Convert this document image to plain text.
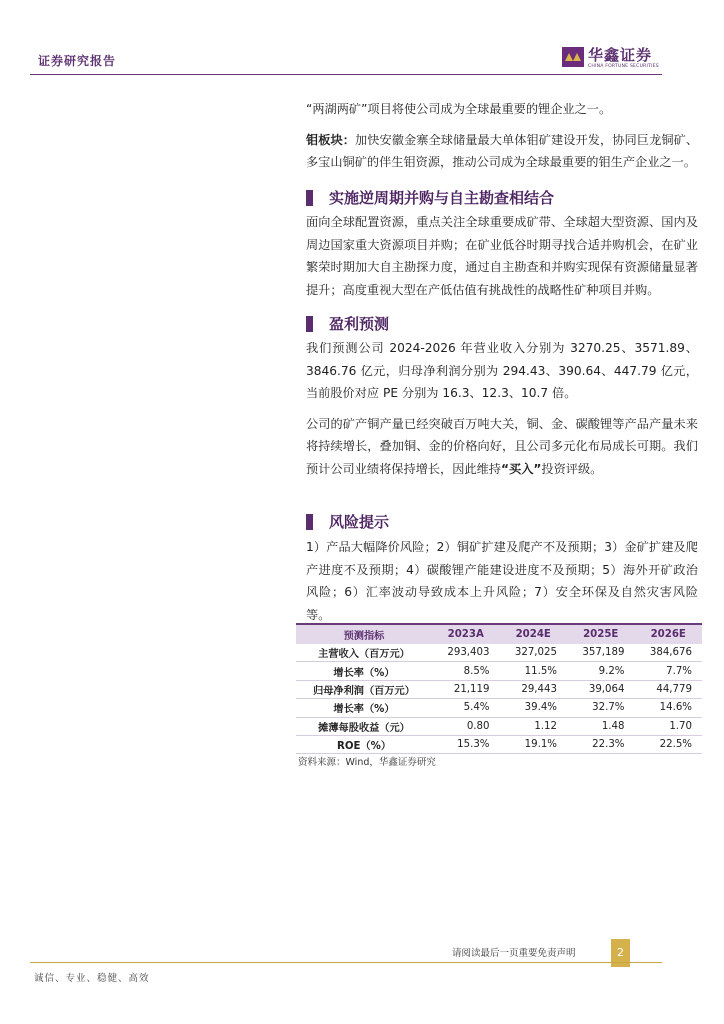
证券研究报告	华鑫证券
CHINA FORTUNE SECURITIES

“两湖两矿”项目将使公司成为全球最重要的锂企业之一。

钼板块：加快安徽金寨全球储量最大单体钼矿建设开发，协同巨龙铜矿、多宝山铜矿的伴生钼资源，推动公司成为全球最重要的钼生产企业之一。

实施逆周期并购与自主勘查相结合

面向全球配置资源，重点关注全球重要成矿带、全球超大型资源、国内及周边国家重大资源项目并购；在矿业低谷时期寻找合适并购机会，在矿业繁荣时期加大自主勘探力度，通过自主勘查和并购实现保有资源储量显著提升；高度重视大型在产低估值有挑战性的战略性矿种项目并购。

盈利预测

我们预测公司 2024-2026 年营业收入分别为 3270.25、3571.89、3846.76 亿元，归母净利润分别为 294.43、390.64、447.79 亿元，当前股价对应 PE 分别为 16.3、12.3、10.7 倍。

公司的矿产铜产量已经突破百万吨大关，铜、金、碳酸锂等产品产量未来将持续增长，叠加铜、金的价格向好，且公司多元化布局成长可期。我们预计公司业绩将保持增长，因此维持“买入”投资评级。

风险提示

1）产品大幅降价风险；2）铜矿扩建及爬产不及预期；3）金矿扩建及爬产进度不及预期；4）碳酸锂产能建设进度不及预期；5）海外开矿政治风险；6）汇率波动导致成本上升风险；7）安全环保及自然灾害风险等。

预测指标	2023A	2024E	2025E	2026E
主营收入（百万元）	293,403	327,025	357,189	384,676
增长率（%）	8.5%	11.5%	9.2%	7.7%
归母净利润（百万元）	21,119	29,443	39,064	44,779
增长率（%）	5.4%	39.4%	32.7%	14.6%
摊薄每股收益（元）	0.80	1.12	1.48	1.70
ROE（%）	15.3%	19.1%	22.3%	22.5%
资料来源：Wind，华鑫证券研究
请阅读最后一页重要免责声明	2
诚信、专业、稳健、高效
